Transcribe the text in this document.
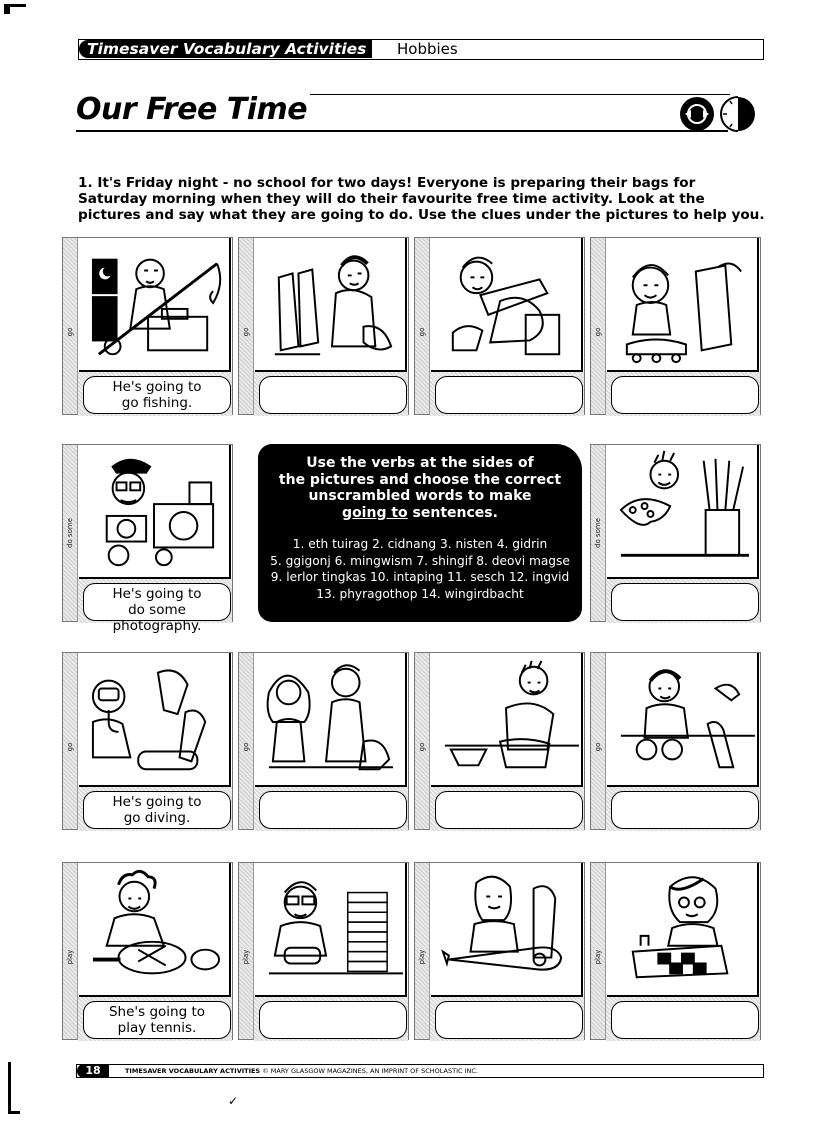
✓
Timesaver Vocabulary Activities	Hobbies
Our Free Time
1. It's Friday night - no school for two days! Everyone is preparing their bags for Saturday morning when they will do their favourite free time activity. Look at the pictures and say what they are going to do. Use the clues under the pictures to help you.
go
He's going to
go fishing.
go	go	go
do some
He's going to
do some photography.
Use the verbs at the sides of
the pictures and choose the correct
unscrambled words to make
going to sentences.
1. eth tuirag 2. cidnang 3. nisten 4. gidrin
5. ggigonj 6. mingwism 7. shingif 8. deovi magse
9. lerlor tingkas 10. intaping 11. sesch 12. ingvid
13. phyragothop 14. wingirdbacht
do some
go
He's going to
go diving.
go	go	go
play
She's going to
play tennis.
play	play	play
18	TIMESAVER VOCABULARY ACTIVITIES © MARY GLASGOW MAGAZINES, AN IMPRINT OF SCHOLASTIC INC.
